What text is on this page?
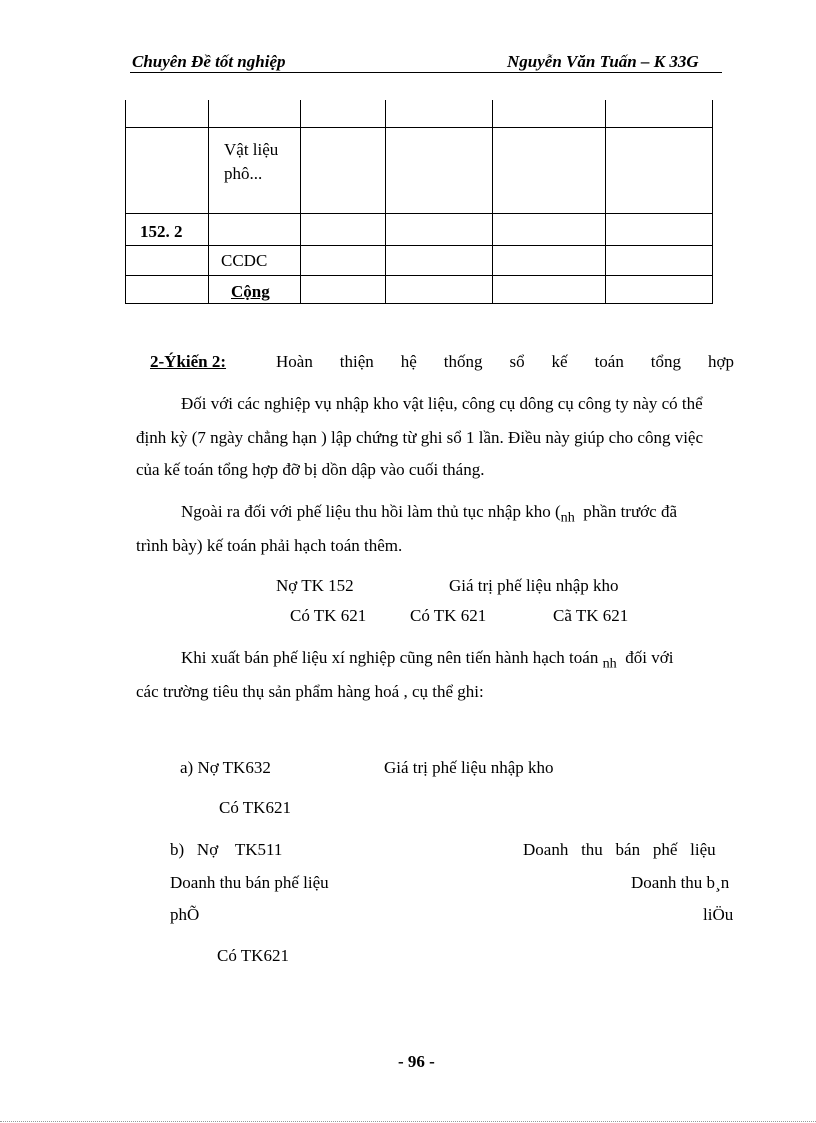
Chuyên Đề tốt nghiệp	Nguyễn Văn Tuấn – K 33G

	Vật liệu
phô...				

152. 2					

	CCDC				

	Cộng				

2-Ýkiến 2:	Hoàn thiện hệ thống sổ kế toán tổng hợp
Đối với các nghiệp vụ nhập kho vật liệu, công cụ dông cụ công ty này có thể
định kỳ (7 ngày chẳng hạn ) lập chứng từ ghi sổ 1 lần. Điều này giúp cho công việc
của kế toán tổng hợp đỡ bị dồn dập vào cuối tháng.
Ngoài ra đối với phế liệu thu hồi làm thủ tục nhập kho ($_{nh}$ phần trước đã
trình bày) kế toán phải hạch toán thêm.
Nợ TK 152	Giá trị phế liệu nhập kho
Có TK 621	Có TK 621	Cã TK 621
Khi xuất bán phế liệu xí nghiệp cũng nên tiến hành hạch toán $_{nh}$ đối với
các trường tiêu thụ sản phẩm hàng hoá , cụ thể ghi:
a) Nợ TK632	Giá trị phế liệu nhập kho
Có TK621
b)   Nợ    TK511	Doanh   thu   bán   phế   liệu
Doanh thu bán phế liệu	Doanh thu b¸n
phÕ	liÖu
Có TK621
- 96 -
